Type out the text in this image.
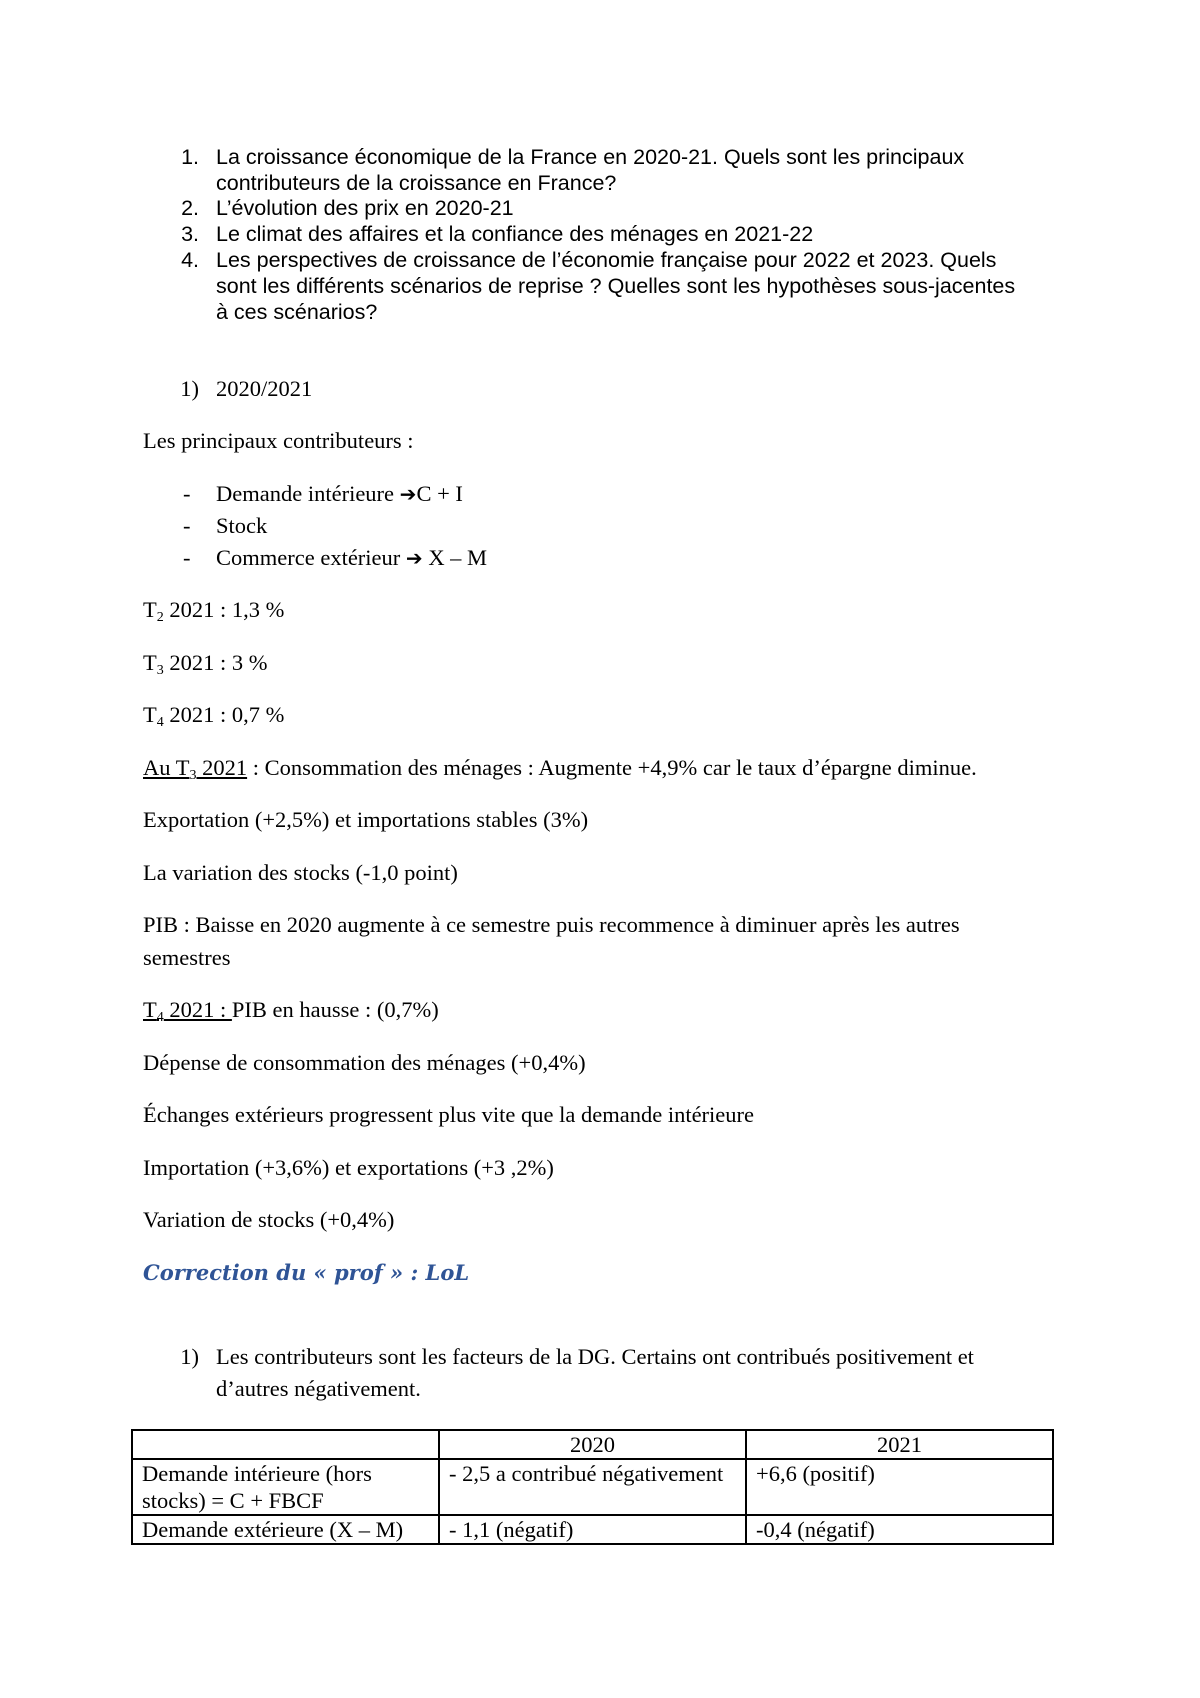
1. La croissance économique de la France en 2020-21. Quels sont les principaux
contributeurs de la croissance en France?
2. L’évolution des prix en 2020-21
3. Le climat des affaires et la confiance des ménages en 2021-22
4. Les perspectives de croissance de l’économie française pour 2022 et 2023. Quels
sont les différents scénarios de reprise ? Quelles sont les hypothèses sous-jacentes
à ces scénarios?
1) 2020/2021
Les principaux contributeurs :
- Demande intérieure ➔C + I
- Stock
- Commerce extérieur ➔ X – M
$T_2$ 2021 : 1,3 %
$T_3$ 2021 : 3 %
$T_4$ 2021 : 0,7 %
Au $T_3$ 2021 : Consommation des ménages : Augmente +4,9% car le taux d’épargne diminue.
Exportation (+2,5%) et importations stables (3%)
La variation des stocks (-1,0 point)
PIB : Baisse en 2020 augmente à ce semestre puis recommence à diminuer après les autres
semestres
$T_4$ 2021 : PIB en hausse : (0,7%)
Dépense de consommation des ménages (+0,4%)
Échanges extérieurs progressent plus vite que la demande intérieure
Importation (+3,6%) et exportations (+3 ,2%)
Variation de stocks (+0,4%)
Correction du « prof » : LoL
1) Les contributeurs sont les facteurs de la DG. Certains ont contribués positivement et
d’autres négativement.
	2020	2021
Demande intérieure (hors stocks) = C + FBCF	- 2,5 a contribué négativement	+6,6 (positif)
Demande extérieure (X – M)	- 1,1 (négatif)	-0,4 (négatif)
